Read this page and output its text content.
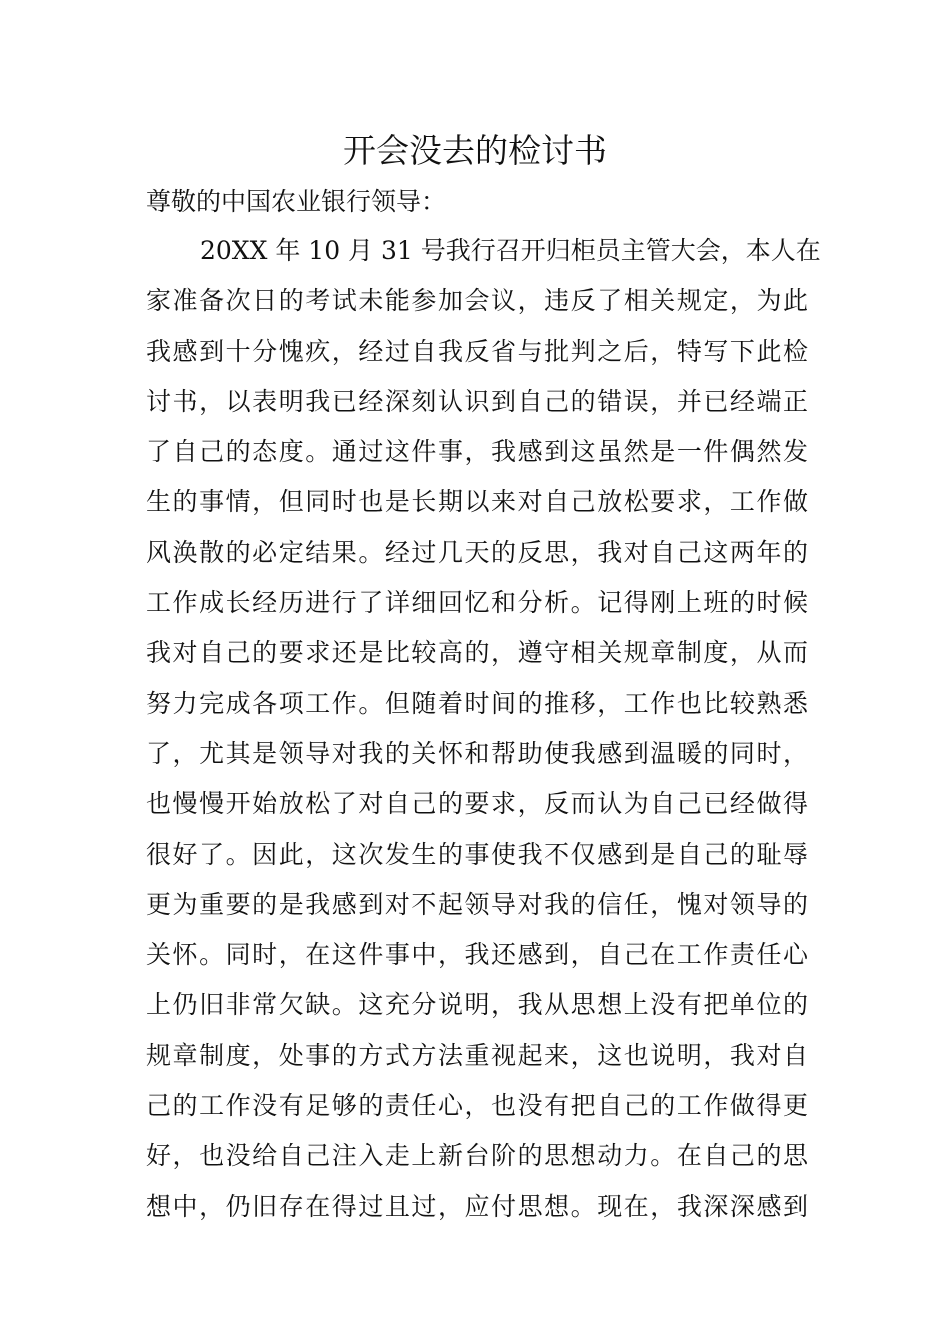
开会没去的检讨书

尊敬的中国农业银行领导：

20XX 年 10 月 31 号我行召开归柜员主管大会，本人在
家准备次日的考试未能参加会议，违反了相关规定，为此
我感到十分愧疚，经过自我反省与批判之后，特写下此检
讨书，以表明我已经深刻认识到自己的错误，并已经端正
了自己的态度。通过这件事，我感到这虽然是一件偶然发
生的事情，但同时也是长期以来对自己放松要求，工作做
风涣散的必定结果。经过几天的反思，我对自己这两年的
工作成长经历进行了详细回忆和分析。记得刚上班的时候
我对自己的要求还是比较高的，遵守相关规章制度，从而
努力完成各项工作。但随着时间的推移，工作也比较熟悉
了，尤其是领导对我的关怀和帮助使我感到温暖的同时，
也慢慢开始放松了对自己的要求，反而认为自己已经做得
很好了。因此，这次发生的事使我不仅感到是自己的耻辱
更为重要的是我感到对不起领导对我的信任，愧对领导的
关怀。同时，在这件事中，我还感到，自己在工作责任心
上仍旧非常欠缺。这充分说明，我从思想上没有把单位的
规章制度，处事的方式方法重视起来，这也说明，我对自
己的工作没有足够的责任心，也没有把自己的工作做得更
好，也没给自己注入走上新台阶的思想动力。在自己的思
想中，仍旧存在得过且过，应付思想。现在，我深深感到
